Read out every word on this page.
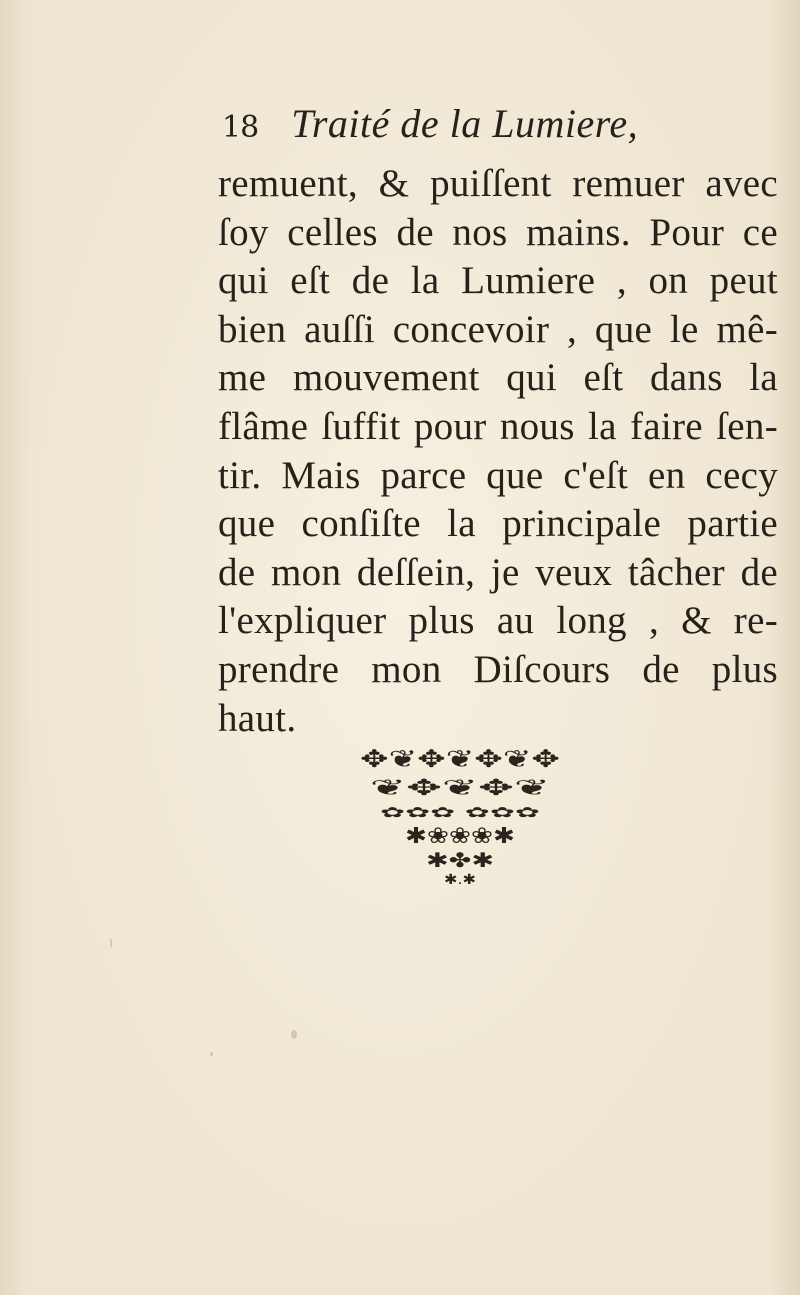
18 Traité de la Lumiere,
remuent, & puiſſent remuer avec
ſoy celles de nos mains. Pour ce
qui eſt de la Lumiere , on peut
bien auſſi concevoir , que le mê-
me mouvement qui eſt dans la
flâme ſuffit pour nous la faire ſen-
tir. Mais parce que c'eſt en cecy
que conſiſte la principale partie
de mon deſſein, je veux tâcher de
l'expliquer plus au long , & re-
prendre mon Diſcours de plus
haut.
✥❦✥❦✥❦✥
❦✥❦✥❦
✿✿✿ ✿✿✿
✱❀❀❀✱
✱✤✱
✱.✱
